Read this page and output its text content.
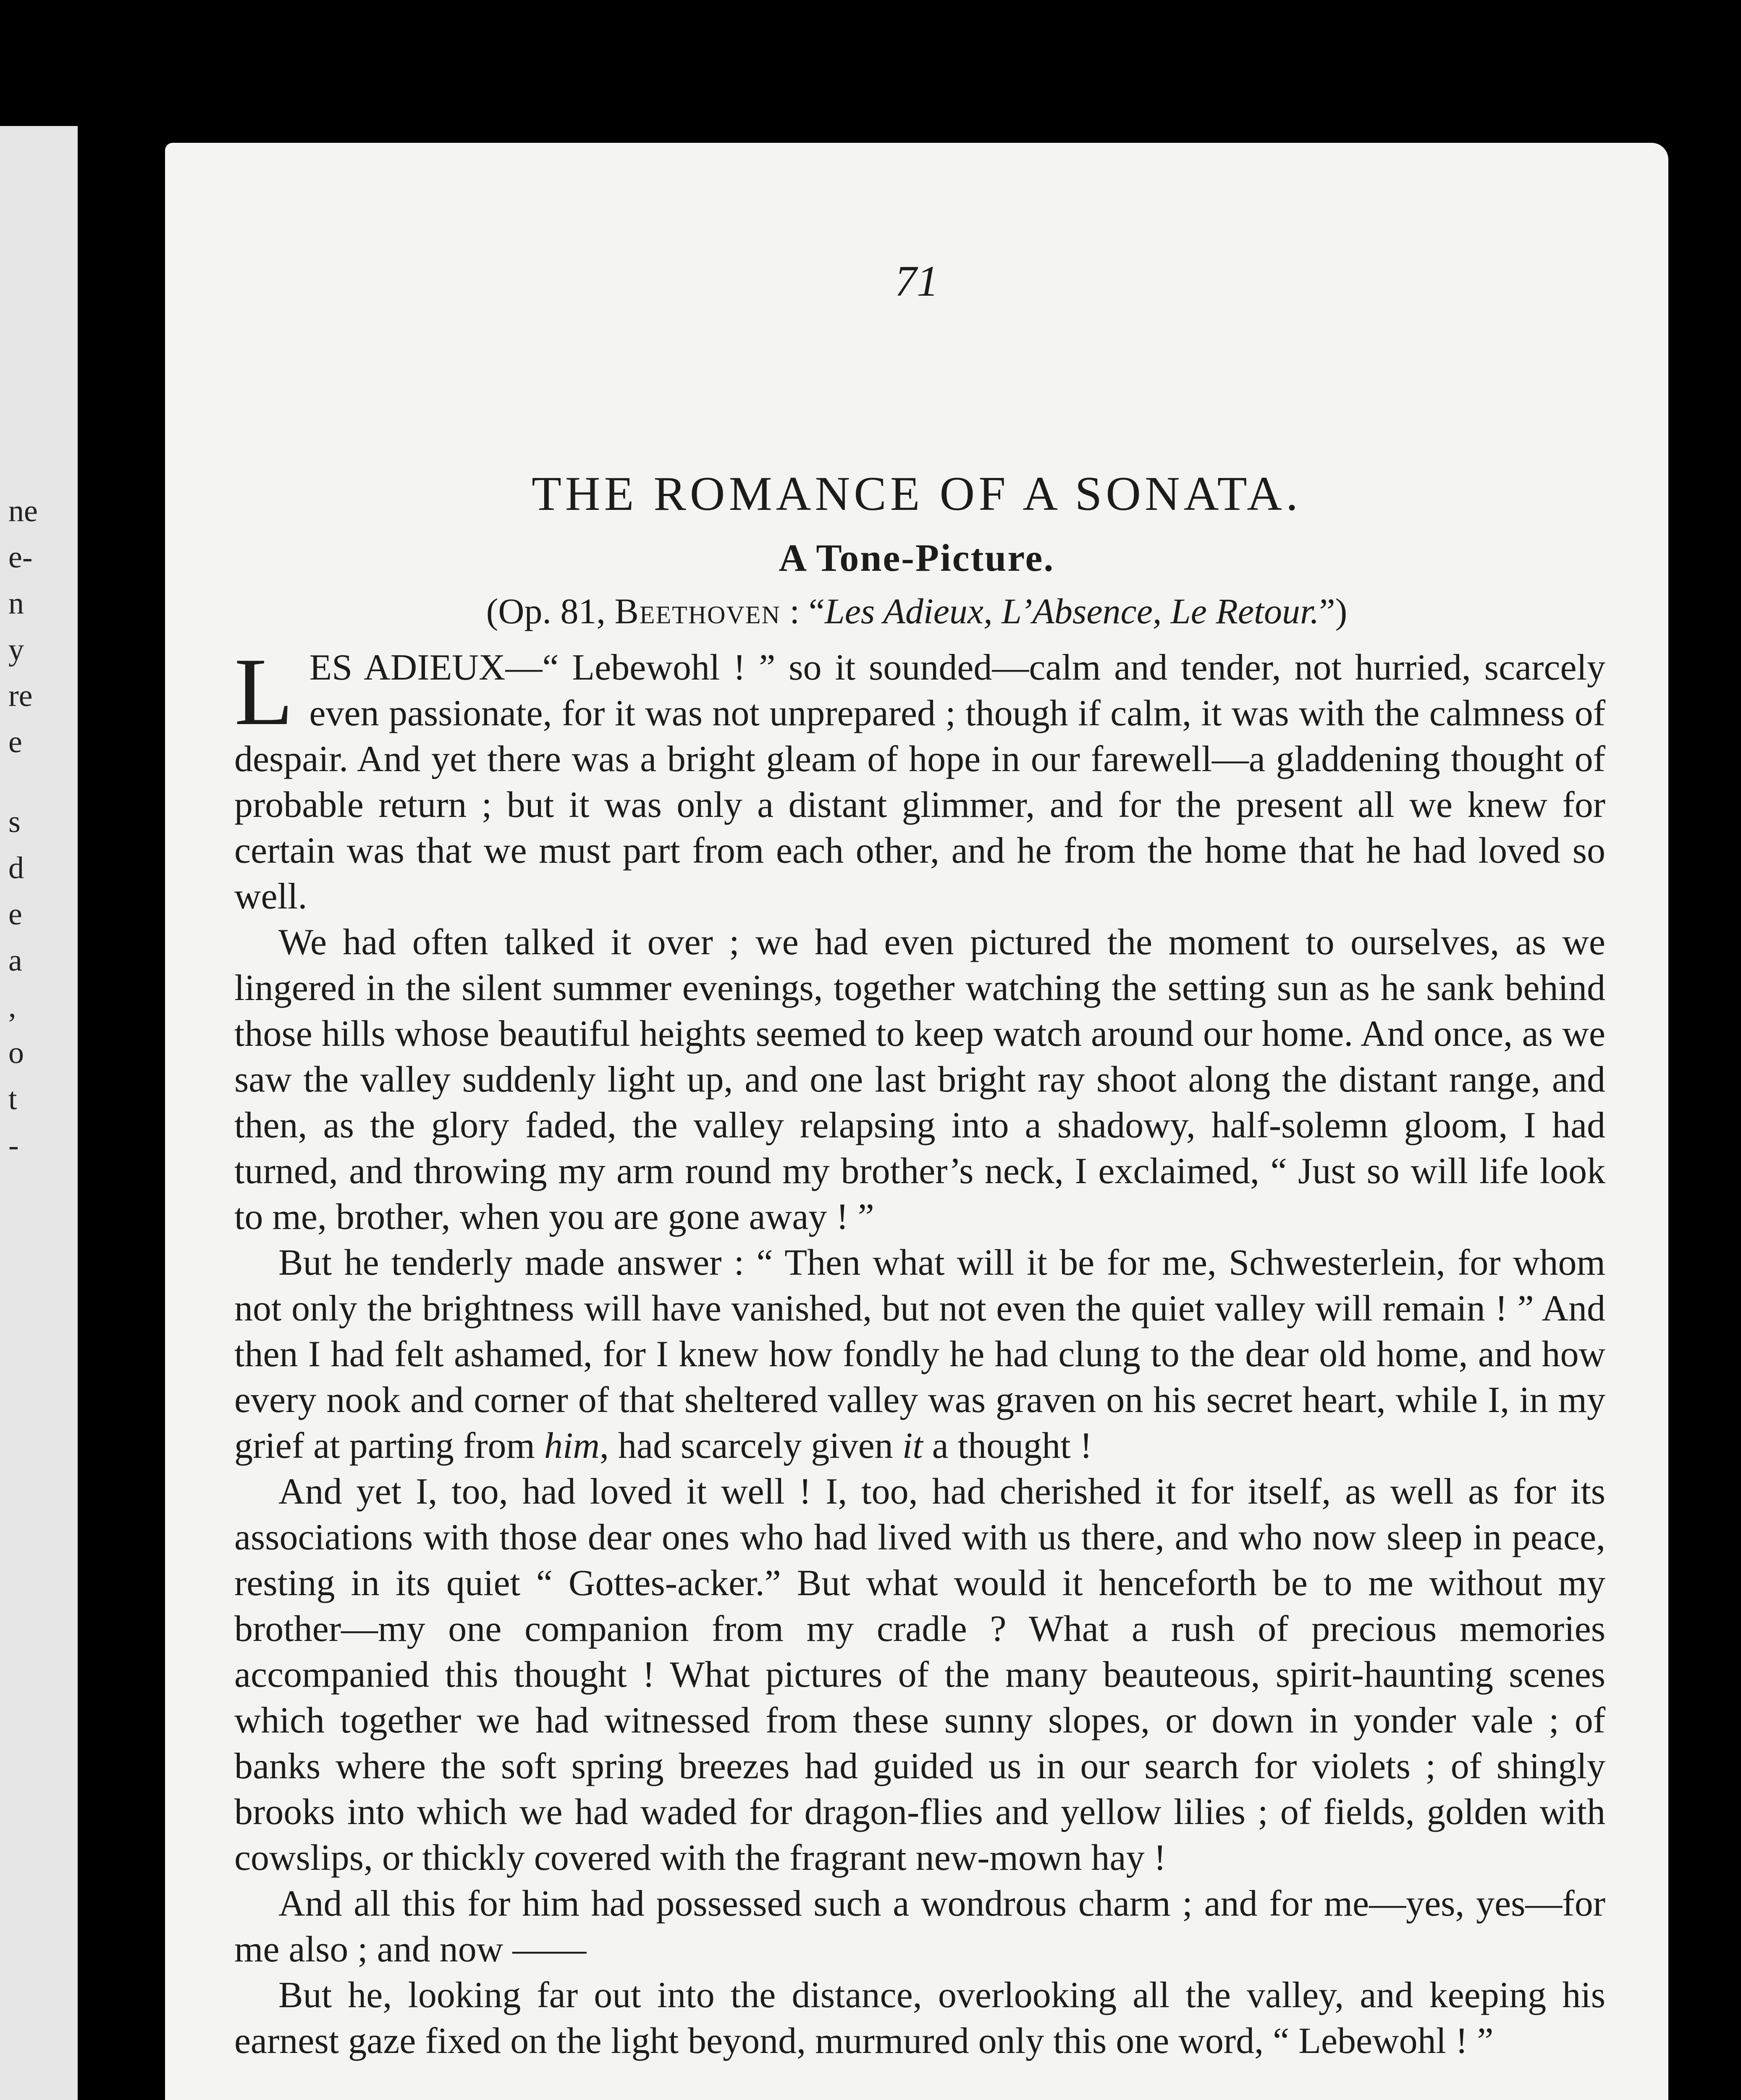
ne
e-
n
y
re
e
s
d
e
a
,
o
t
-
71
THE ROMANCE OF A SONATA.
A Tone-Picture.
(Op. 81, Beethoven : “Les Adieux, L’Absence, Le Retour.”)

LES ADIEUX—“ Lebewohl ! ” so it sounded—calm and tender, not hurried, scarcely even passionate, for it was not unprepared ; though if calm, it was with the calmness of despair. And yet there was a bright gleam of hope in our farewell—a gladdening thought of probable return ; but it was only a distant glimmer, and for the present all we knew for certain was that we must part from each other, and he from the home that he had loved so well.

We had often talked it over ; we had even pictured the moment to ourselves, as we lingered in the silent summer evenings, together watching the setting sun as he sank behind those hills whose beautiful heights seemed to keep watch around our home. And once, as we saw the valley suddenly light up, and one last bright ray shoot along the distant range, and then, as the glory faded, the valley relapsing into a shadowy, half-solemn gloom, I had turned, and throwing my arm round my brother’s neck, I exclaimed, “ Just so will life look to me, brother, when you are gone away ! ”

But he tenderly made answer : “ Then what will it be for me, Schwesterlein, for whom not only the brightness will have vanished, but not even the quiet valley will remain ! ” And then I had felt ashamed, for I knew how fondly he had clung to the dear old home, and how every nook and corner of that sheltered valley was graven on his secret heart, while I, in my grief at parting from him, had scarcely given it a thought !

And yet I, too, had loved it well ! I, too, had cherished it for itself, as well as for its associations with those dear ones who had lived with us there, and who now sleep in peace, resting in its quiet “ Gottes-acker.” But what would it henceforth be to me without my brother—my one companion from my cradle ? What a rush of precious memories accompanied this thought ! What pictures of the many beauteous, spirit-haunting scenes which together we had witnessed from these sunny slopes, or down in yonder vale ; of banks where the soft spring breezes had guided us in our search for violets ; of shingly brooks into which we had waded for dragon-flies and yellow lilies ; of fields, golden with cowslips, or thickly covered with the fragrant new-mown hay !

And all this for him had possessed such a wondrous charm ; and for me—yes, yes—for me also ; and now ——

But he, looking far out into the distance, overlooking all the valley, and keeping his earnest gaze fixed on the light beyond, murmured only this one word, “ Lebewohl ! ”
